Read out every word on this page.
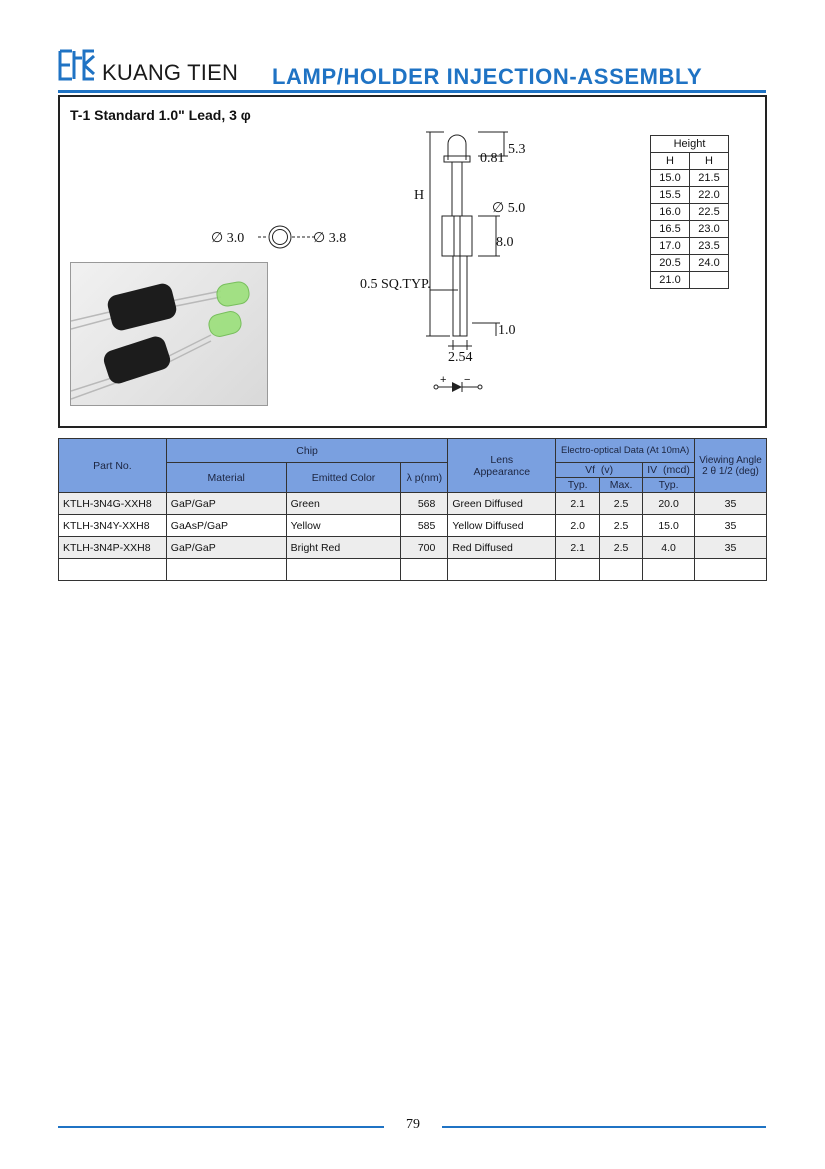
KUANG TIEN LAMP/HOLDER INJECTION-ASSEMBLY
T-1 Standard 1.0" Lead, 3 φ
∅ 3.0	∅ 3.8
H
5.3
0.81
∅ 5.0
8.0
0.5 SQ.TYP.
1.0
2.54
+ −
Height	
H	H
15.0	21.5
15.5	22.0
16.0	22.5
16.5	23.0
17.0	23.5
20.5	24.0
21.0	
Part No.	Chip			Lens
Appearance	Electro-optical Data (At 10mA)			Viewing Angle
2 θ 1/2 (deg)
	Material	Emitted Color	λ p(nm)		Vf  (v)		IV  (mcd)	
					Typ.	Max.	Typ.	
KTLH-3N4G-XXH8	GaP/GaP	Green	568	Green Diffused	2.1	2.5	20.0	35
KTLH-3N4Y-XXH8	GaAsP/GaP	Yellow	585	Yellow Diffused	2.0	2.5	15.0	35
KTLH-3N4P-XXH8	GaP/GaP	Bright Red	700	Red Diffused	2.1	2.5	4.0	35

79
